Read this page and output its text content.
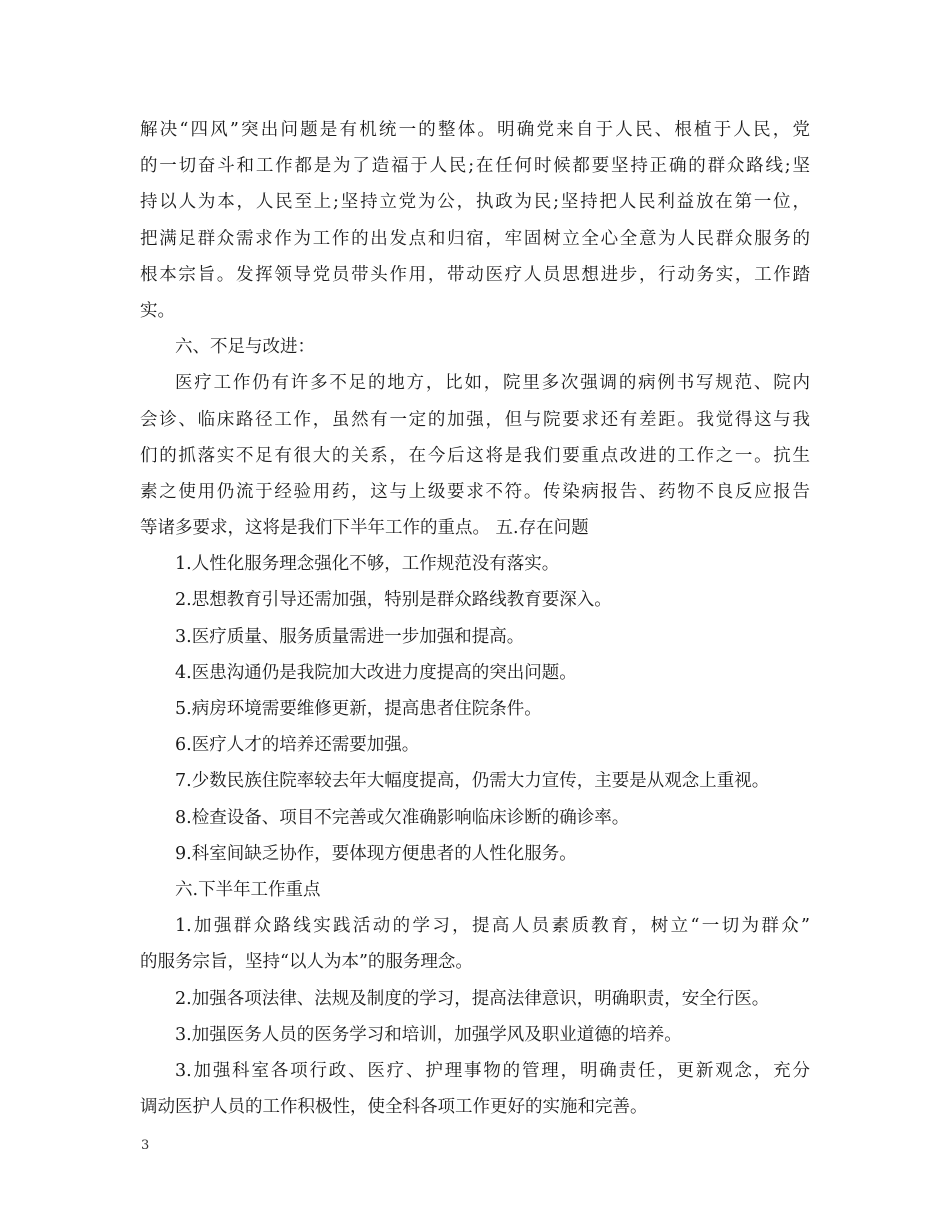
解决“四风”突出问题是有机统一的整体。明确党来自于人民、根植于人民，党
的一切奋斗和工作都是为了造福于人民;在任何时候都要坚持正确的群众路线;坚
持以人为本，人民至上;坚持立党为公，执政为民;坚持把人民利益放在第一位，
把满足群众需求作为工作的出发点和归宿，牢固树立全心全意为人民群众服务的
根本宗旨。发挥领导党员带头作用，带动医疗人员思想进步，行动务实，工作踏
实。
六、不足与改进：
医疗工作仍有许多不足的地方，比如，院里多次强调的病例书写规范、院内
会诊、临床路径工作，虽然有一定的加强，但与院要求还有差距。我觉得这与我
们的抓落实不足有很大的关系，在今后这将是我们要重点改进的工作之一。抗生
素之使用仍流于经验用药，这与上级要求不符。传染病报告、药物不良反应报告
等诸多要求，这将是我们下半年工作的重点。 五.存在问题
1.人性化服务理念强化不够，工作规范没有落实。
2.思想教育引导还需加强，特别是群众路线教育要深入。
3.医疗质量、服务质量需进一步加强和提高。
4.医患沟通仍是我院加大改进力度提高的突出问题。
5.病房环境需要维修更新，提高患者住院条件。
6.医疗人才的培养还需要加强。
7.少数民族住院率较去年大幅度提高，仍需大力宣传，主要是从观念上重视。
8.检查设备、项目不完善或欠准确影响临床诊断的确诊率。
9.科室间缺乏协作，要体现方便患者的人性化服务。
六.下半年工作重点
1.加强群众路线实践活动的学习，提高人员素质教育，树立“一切为群众”
的服务宗旨，坚持“以人为本”的服务理念。
2.加强各项法律、法规及制度的学习，提高法律意识，明确职责，安全行医。
3.加强医务人员的医务学习和培训，加强学风及职业道德的培养。
3.加强科室各项行政、医疗、护理事物的管理，明确责任，更新观念，充分
调动医护人员的工作积极性，使全科各项工作更好的实施和完善。
3
